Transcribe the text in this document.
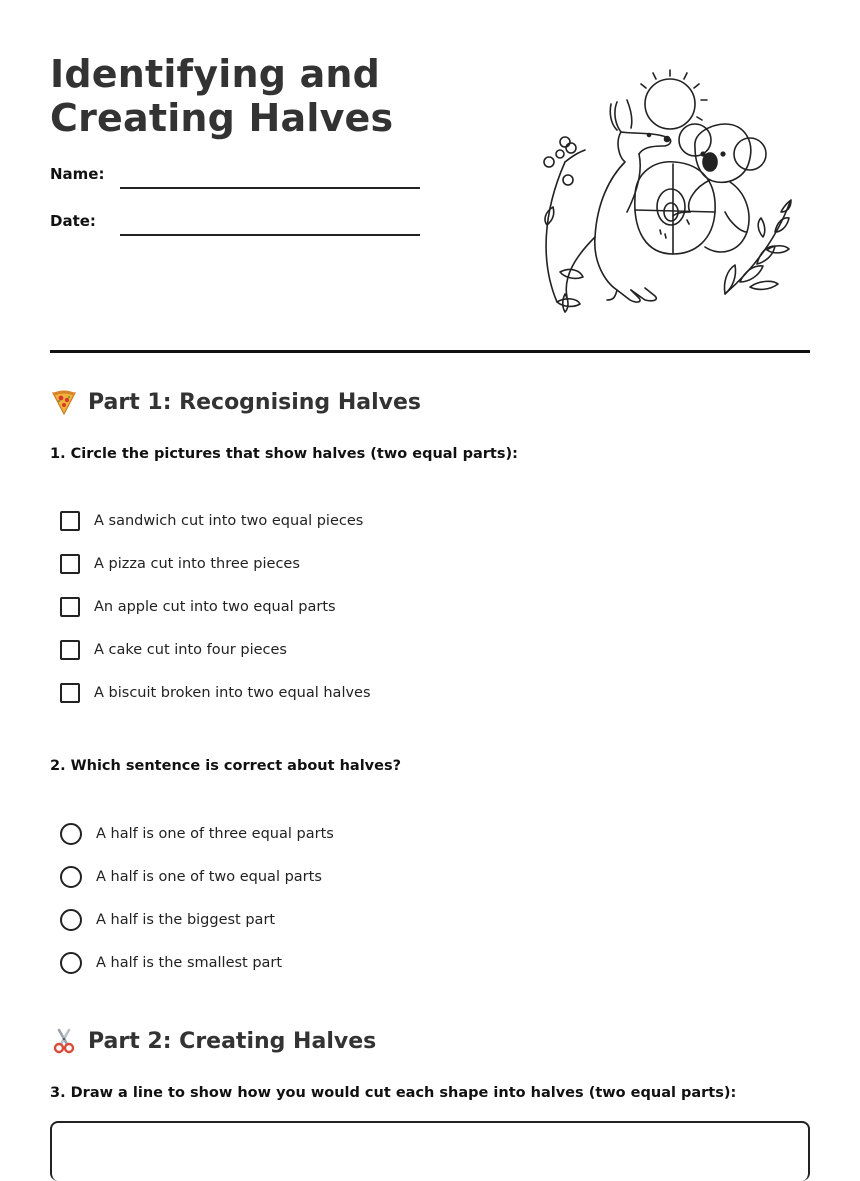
Identifying and
Creating Halves
Name:
Date:
Part 1: Recognising Halves

1. Circle the pictures that show halves (two equal parts):

A sandwich cut into two equal pieces
A pizza cut into three pieces
An apple cut into two equal parts
A cake cut into four pieces
A biscuit broken into two equal halves

2. Which sentence is correct about halves?

A half is one of three equal parts
A half is one of two equal parts
A half is the biggest part
A half is the smallest part
Part 2: Creating Halves

3. Draw a line to show how you would cut each shape into halves (two equal parts):
